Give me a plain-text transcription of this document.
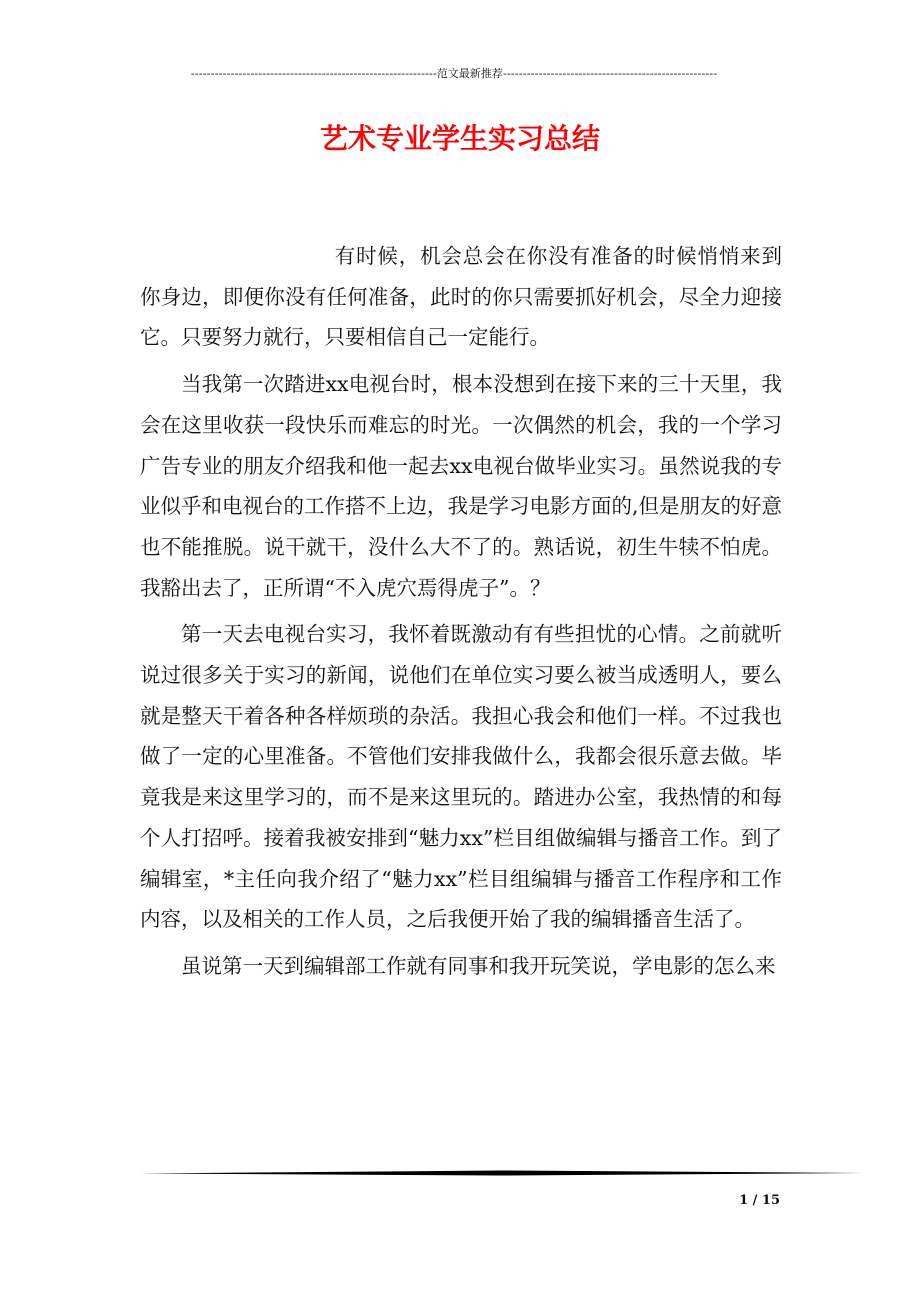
--------------------------------------------------------------范文最新推荐------------------------------------------------------
艺术专业学生实习总结

有时候，机会总会在你没有准备的时候悄悄来到你身边，即便你没有任何准备，此时的你只需要抓好机会，尽全力迎接它。只要努力就行，只要相信自己一定能行。

当我第一次踏进xx电视台时，根本没想到在接下来的三十天里，我会在这里收获一段快乐而难忘的时光。一次偶然的机会，我的一个学习广告专业的朋友介绍我和他一起去xx电视台做毕业实习。虽然说我的专业似乎和电视台的工作搭不上边，我是学习电影方面的,但是朋友的好意也不能推脱。说干就干，没什么大不了的。熟话说，初生牛犊不怕虎。我豁出去了，正所谓“不入虎穴焉得虎子”。？

第一天去电视台实习，我怀着既激动有有些担忧的心情。之前就听说过很多关于实习的新闻，说他们在单位实习要么被当成透明人，要么就是整天干着各种各样烦琐的杂活。我担心我会和他们一样。不过我也做了一定的心里准备。不管他们安排我做什么，我都会很乐意去做。毕竟我是来这里学习的，而不是来这里玩的。踏进办公室，我热情的和每个人打招呼。接着我被安排到“魅力xx”栏目组做编辑与播音工作。到了编辑室，*主任向我介绍了“魅力xx”栏目组编辑与播音工作程序和工作内容，以及相关的工作人员，之后我便开始了我的编辑播音生活了。

虽说第一天到编辑部工作就有同事和我开玩笑说，学电影的怎么来

1 / 15
